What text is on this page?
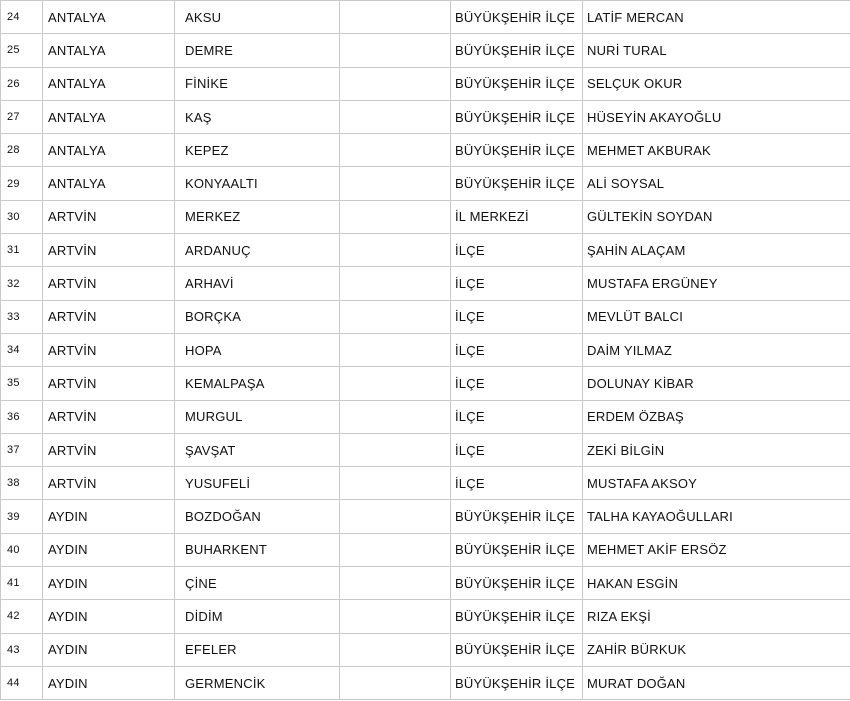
24	ANTALYA	AKSU		BÜYÜKŞEHİR İLÇE	LATİF MERCAN
25	ANTALYA	DEMRE		BÜYÜKŞEHİR İLÇE	NURİ TURAL
26	ANTALYA	FİNİKE		BÜYÜKŞEHİR İLÇE	SELÇUK OKUR
27	ANTALYA	KAŞ		BÜYÜKŞEHİR İLÇE	HÜSEYİN AKAYOĞLU
28	ANTALYA	KEPEZ		BÜYÜKŞEHİR İLÇE	MEHMET AKBURAK
29	ANTALYA	KONYAALTI		BÜYÜKŞEHİR İLÇE	ALİ SOYSAL
30	ARTVİN	MERKEZ		İL MERKEZİ	GÜLTEKİN SOYDAN
31	ARTVİN	ARDANUÇ		İLÇE	ŞAHİN ALAÇAM
32	ARTVİN	ARHAVİ		İLÇE	MUSTAFA ERGÜNEY
33	ARTVİN	BORÇKA		İLÇE	MEVLÜT BALCI
34	ARTVİN	HOPA		İLÇE	DAİM YILMAZ
35	ARTVİN	KEMALPAŞA		İLÇE	DOLUNAY KİBAR
36	ARTVİN	MURGUL		İLÇE	ERDEM ÖZBAŞ
37	ARTVİN	ŞAVŞAT		İLÇE	ZEKİ BİLGİN
38	ARTVİN	YUSUFELİ		İLÇE	MUSTAFA AKSOY
39	AYDIN	BOZDOĞAN		BÜYÜKŞEHİR İLÇE	TALHA KAYAOĞULLARI
40	AYDIN	BUHARKENT		BÜYÜKŞEHİR İLÇE	MEHMET AKİF ERSÖZ
41	AYDIN	ÇİNE		BÜYÜKŞEHİR İLÇE	HAKAN ESGİN
42	AYDIN	DİDİM		BÜYÜKŞEHİR İLÇE	RIZA EKŞİ
43	AYDIN	EFELER		BÜYÜKŞEHİR İLÇE	ZAHİR BÜRKUK
44	AYDIN	GERMENCİK		BÜYÜKŞEHİR İLÇE	MURAT DOĞAN
